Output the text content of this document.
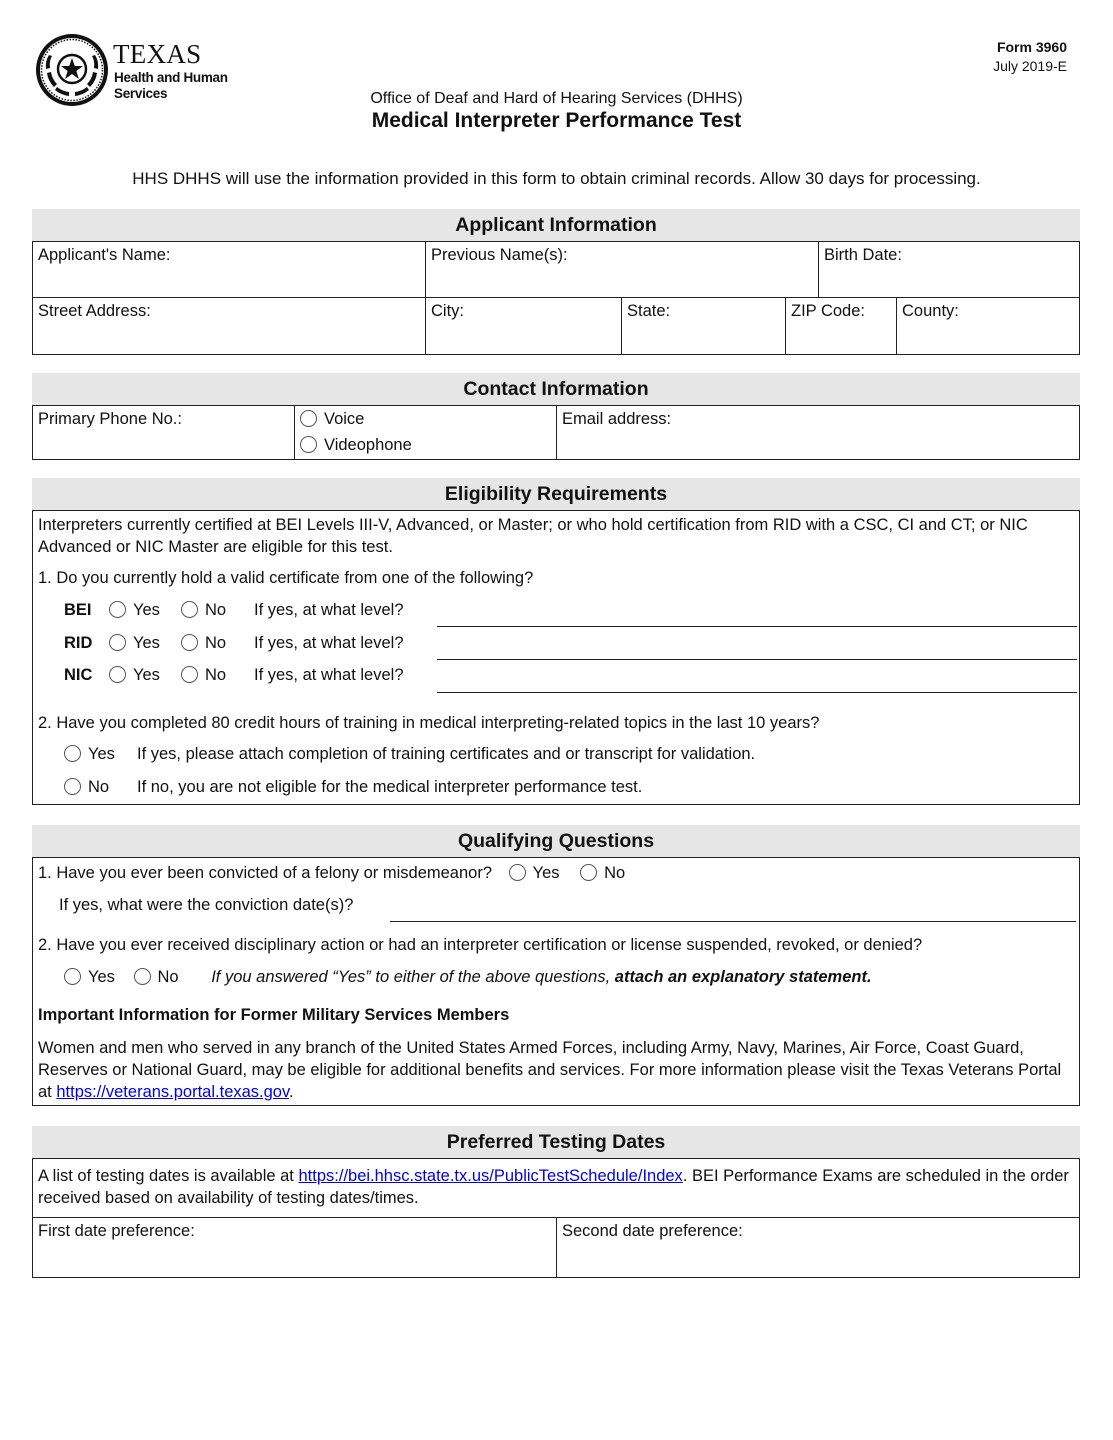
TEXAS
Health and Human
Services
Form 3960
July 2019-E
Office of Deaf and Hard of Hearing Services (DHHS)
Medical Interpreter Performance Test
HHS DHHS will use the information provided in this form to obtain criminal records. Allow 30 days for processing.
Applicant Information
Applicant's Name:	Previous Name(s):	Birth Date:
Street Address:	City:	State:	ZIP Code:	County:
Contact Information
Primary Phone No.:	Voice
Videophone
Email address:
Eligibility Requirements
Interpreters currently certified at BEI Levels III-V, Advanced, or Master; or who hold certification from RID with a CSC, CI and CT; or NIC Advanced or NIC Master are eligible for this test.
1. Do you currently hold a valid certificate from one of the following?
BEI	Yes	No If yes, at what level?
RID	Yes	No If yes, at what level?
NIC	Yes	No If yes, at what level?
2. Have you completed 80 credit hours of training in medical interpreting-related topics in the last 10 years?
Yes If yes, please attach completion of training certificates and or transcript for validation.
No If no, you are not eligible for the medical interpreter performance test.
Qualifying Questions
1. Have you ever been convicted of a felony or misdemeanor? Yes	No
If yes, what were the conviction date(s)?
2. Have you ever received disciplinary action or had an interpreter certification or license suspended, revoked, or denied?
Yes	No If you answered “Yes” to either of the above questions, attach an explanatory statement.
Important Information for Former Military Services Members
Women and men who served in any branch of the United States Armed Forces, including Army, Navy, Marines, Air Force, Coast Guard, Reserves or National Guard, may be eligible for additional benefits and services. For more information please visit the Texas Veterans Portal at https://veterans.portal.texas.gov.
Preferred Testing Dates
A list of testing dates is available at https://bei.hhsc.state.tx.us/PublicTestSchedule/Index. BEI Performance Exams are scheduled in the order received based on availability of testing dates/times.
First date preference:	Second date preference:
